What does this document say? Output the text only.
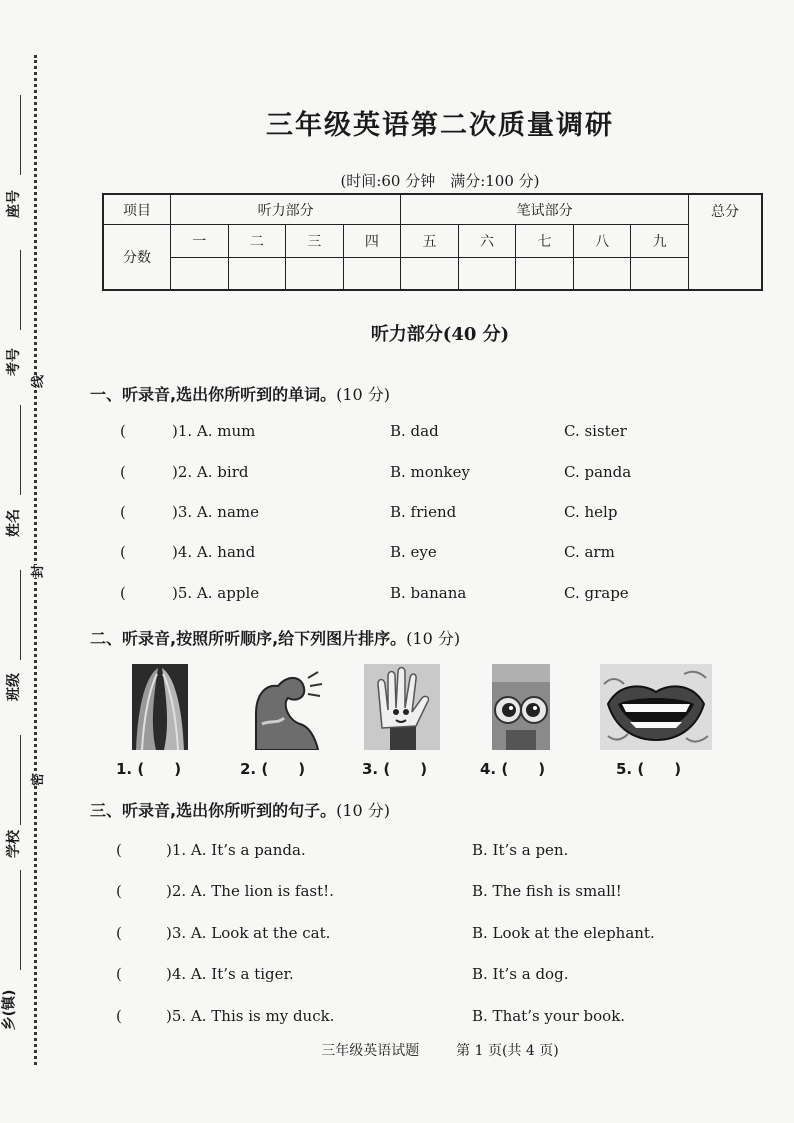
座号
考号
姓名
班级
学校
乡(镇)
线
封
密
三年级英语第二次质量调研
(时间:60 分钟　满分:100 分)
项目	听力部分				笔试部分					总分
分数	一	二	三	四	五	六	七	八	九	

听力部分(40 分)
一、听录音,选出你所听到的单词。(10 分)
(	)1. A. mum	B. dad	C. sister
(	)2. A. bird	B. monkey	C. panda
(	)3. A. name	B. friend	C. help
(	)4. A. hand	B. eye	C. arm
(	)5. A. apple	B. banana	C. grape
二、听录音,按照所听顺序,给下列图片排序。(10 分)
1. (　　)	2. (　　)	3. (　　)	4. (　　)	5. (　　)
三、听录音,选出你所听到的句子。(10 分)
(	)1. A. It’s a panda.	B. It’s a pen.
(	)2. A. The lion is fast!.	B. The fish is small!
(	)3. A. Look at the cat.	B. Look at the elephant.
(	)4. A. It’s a tiger.	B. It’s a dog.
(	)5. A. This is my duck.	B. That’s your book.
三年级英语试题	第 1 页(共 4 页)
